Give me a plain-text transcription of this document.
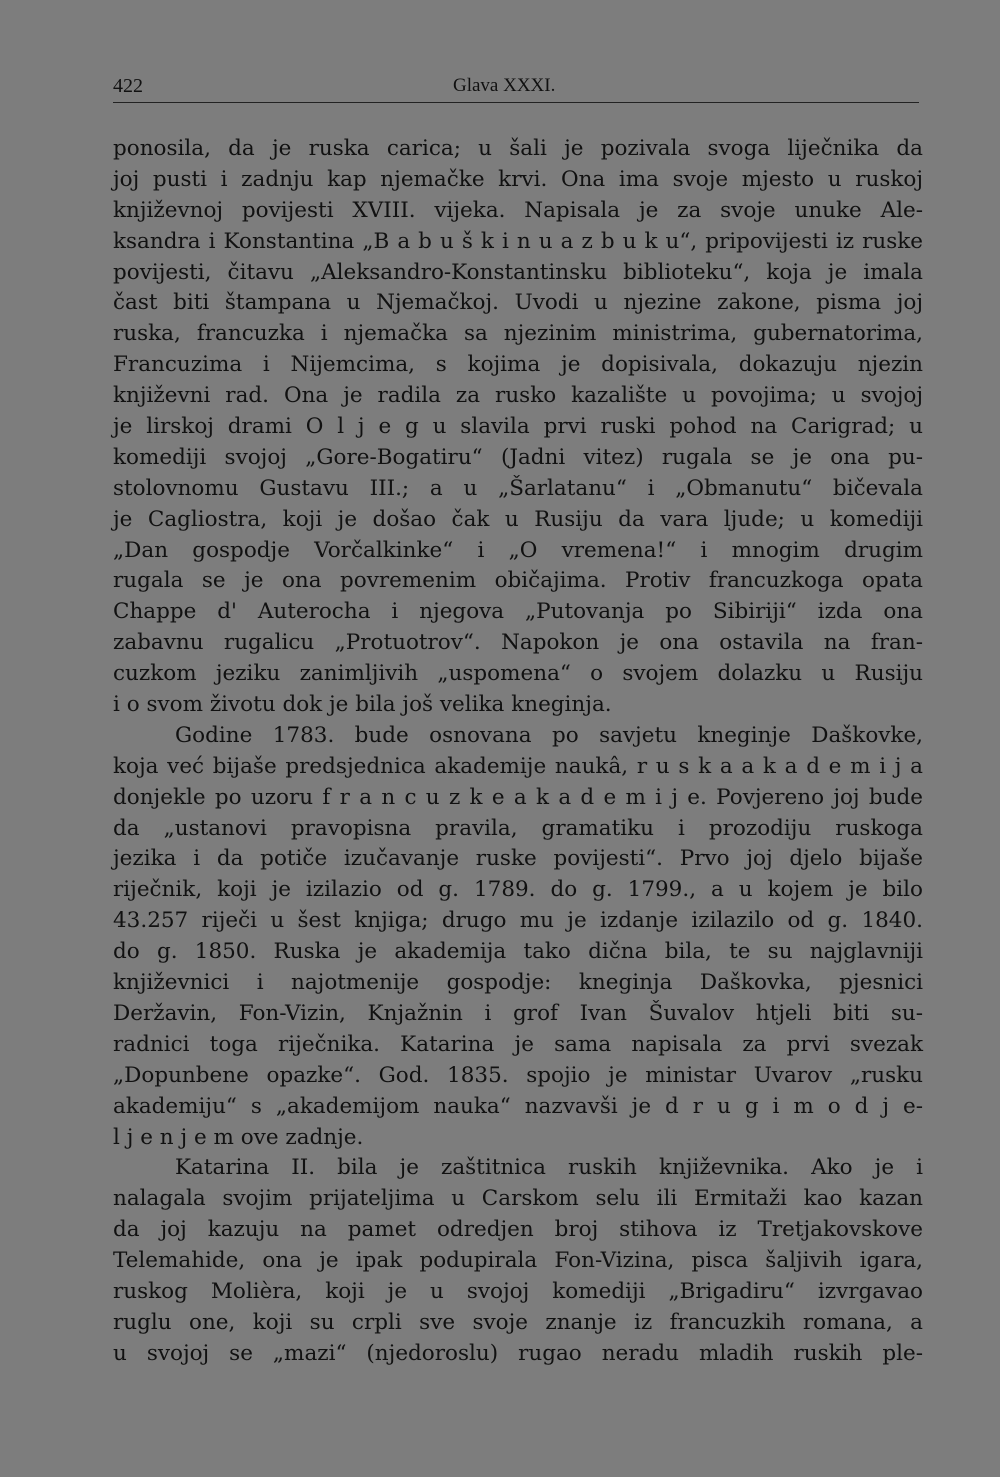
422	Glava XXXI.
ponosila, da je ruska carica; u šali je pozivala svoga liječnika da
joj pusti i zadnju kap njemačke krvi. Ona ima svoje mjesto u ruskoj
književnoj povijesti XVIII. vijeka. Napisala je za svoje unuke Ale-
ksandra i Konstantina „B a b u š k i n u a z b u k u“, pripovijesti iz ruske
povijesti, čitavu „Aleksandro-Konstantinsku biblioteku“, koja je imala
čast biti štampana u Njemačkoj. Uvodi u njezine zakone, pisma joj
ruska, francuzka i njemačka sa njezinim ministrima, gubernatorima,
Francuzima i Nijemcima, s kojima je dopisivala, dokazuju njezin
književni rad. Ona je radila za rusko kazalište u povojima; u svojoj
je lirskoj drami O l j e g u slavila prvi ruski pohod na Carigrad; u
komediji svojoj „Gore-Bogatiru“ (Jadni vitez) rugala se je ona pu-
stolovnomu Gustavu III.; a u „Šarlatanu“ i „Obmanutu“ bičevala
je Cagliostra, koji je došao čak u Rusiju da vara ljude; u komediji
„Dan gospodje Vorčalkinke“ i „O vremena!“ i mnogim drugim
rugala se je ona povremenim običajima. Protiv francuzkoga opata
Chappe d' Auterocha i njegova „Putovanja po Sibiriji“ izda ona
zabavnu rugalicu „Protuotrov“. Napokon je ona ostavila na fran-
cuzkom jeziku zanimljivih „uspomena“ o svojem dolazku u Rusiju
i o svom životu dok je bila još velika kneginja.
Godine 1783. bude osnovana po savjetu kneginje Daškovke,
koja već bijaše predsjednica akademije naukâ, r u s k a a k a d e m i j a
donjekle po uzoru f r a n c u z k e a k a d e m i j e. Povjereno joj bude
da „ustanovi pravopisna pravila, gramatiku i prozodiju ruskoga
jezika i da potiče izučavanje ruske povijesti“. Prvo joj djelo bijaše
riječnik, koji je izilazio od g. 1789. do g. 1799., a u kojem je bilo
43.257 riječi u šest knjiga; drugo mu je izdanje izilazilo od g. 1840.
do g. 1850. Ruska je akademija tako dična bila, te su najglavniji
književnici i najotmenije gospodje: kneginja Daškovka, pjesnici
Deržavin, Fon-Vizin, Knjažnin i grof Ivan Šuvalov htjeli biti su-
radnici toga riječnika. Katarina je sama napisala za prvi svezak
„Dopunbene opazke“. God. 1835. spojio je ministar Uvarov „rusku
akademiju“ s „akademijom nauka“ nazvavši je d r u g i m o d j e-
l j e n j e m ove zadnje.
Katarina II. bila je zaštitnica ruskih književnika. Ako je i
nalagala svojim prijateljima u Carskom selu ili Ermitaži kao kazan
da joj kazuju na pamet odredjen broj stihova iz Tretjakovskove
Telemahide, ona je ipak podupirala Fon-Vizina, pisca šaljivih igara,
ruskog Molièra, koji je u svojoj komediji „Brigadiru“ izvrgavao
ruglu one, koji su crpli sve svoje znanje iz francuzkih romana, a
u svojoj se „mazi“ (njedoroslu) rugao neradu mladih ruskih ple-
